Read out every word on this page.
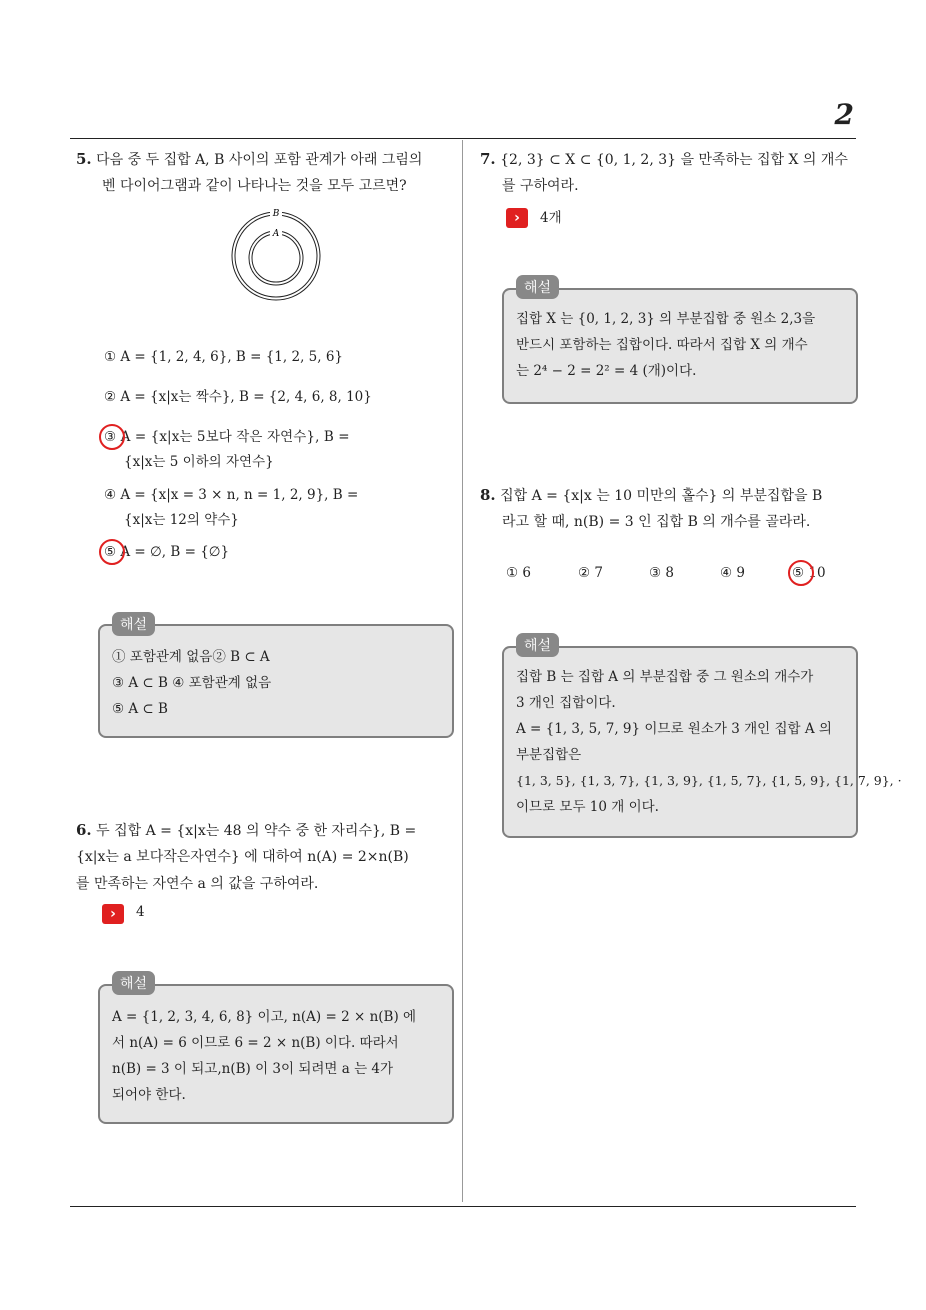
2
5. 다음 중 두 집합 A, B 사이의 포함 관계가 아래 그림의
벤 다이어그램과 같이 나타나는 것을 모두 고르면?
B
A
① A = {1, 2, 4, 6}, B = {1, 2, 5, 6}
② A = {x|x는 짝수}, B = {2, 4, 6, 8, 10}
③ A = {x|x는 5보다 작은 자연수}, B =
{x|x는 5 이하의 자연수}
④ A = {x|x = 3 × n, n = 1, 2, 9}, B =
{x|x는 12의 약수}
⑤ A = ∅, B = {∅}
① 포함관계 없음② B ⊂ A
③ A ⊂ B ④ 포함관계 없음
⑤ A ⊂ B
해설
6. 두 집합 A = {x|x는 48 의 약수 중 한 자리수}, B =
{x|x는 a 보다작은자연수} 에 대하여 n(A) = 2×n(B)
를 만족하는 자연수 a 의 값을 구하여라.
›	4
A = {1, 2, 3, 4, 6, 8} 이고, n(A) = 2 × n(B) 에
서 n(A) = 6 이므로 6 = 2 × n(B) 이다. 따라서
n(B) = 3 이 되고,n(B) 이 3이 되려면 a 는 4가
되어야 한다.
해설
7. {2, 3} ⊂ X ⊂ {0, 1, 2, 3} 을 만족하는 집합 X 의 개수
를 구하여라.
›	4개
집합 X 는 {0, 1, 2, 3} 의 부분집합 중 원소 2,3을
반드시 포함하는 집합이다. 따라서 집합 X 의 개수
는 2⁴ − 2 = 2² = 4 (개)이다.
해설
8. 집합 A = {x|x 는 10 미만의 홀수} 의 부분집합을 B
라고 할 때, n(B) = 3 인 집합 B 의 개수를 골라라.
① 6	② 7	③ 8	④ 9	⑤ 10
집합 B 는 집합 A 의 부분집합 중 그 원소의 개수가
3 개인 집합이다.
A = {1, 3, 5, 7, 9} 이므로 원소가 3 개인 집합 A 의
부분집합은
{1, 3, 5}, {1, 3, 7}, {1, 3, 9}, {1, 5, 7}, {1, 5, 9}, {1, 7, 9}, ·
이므로 모두 10 개 이다.
해설
